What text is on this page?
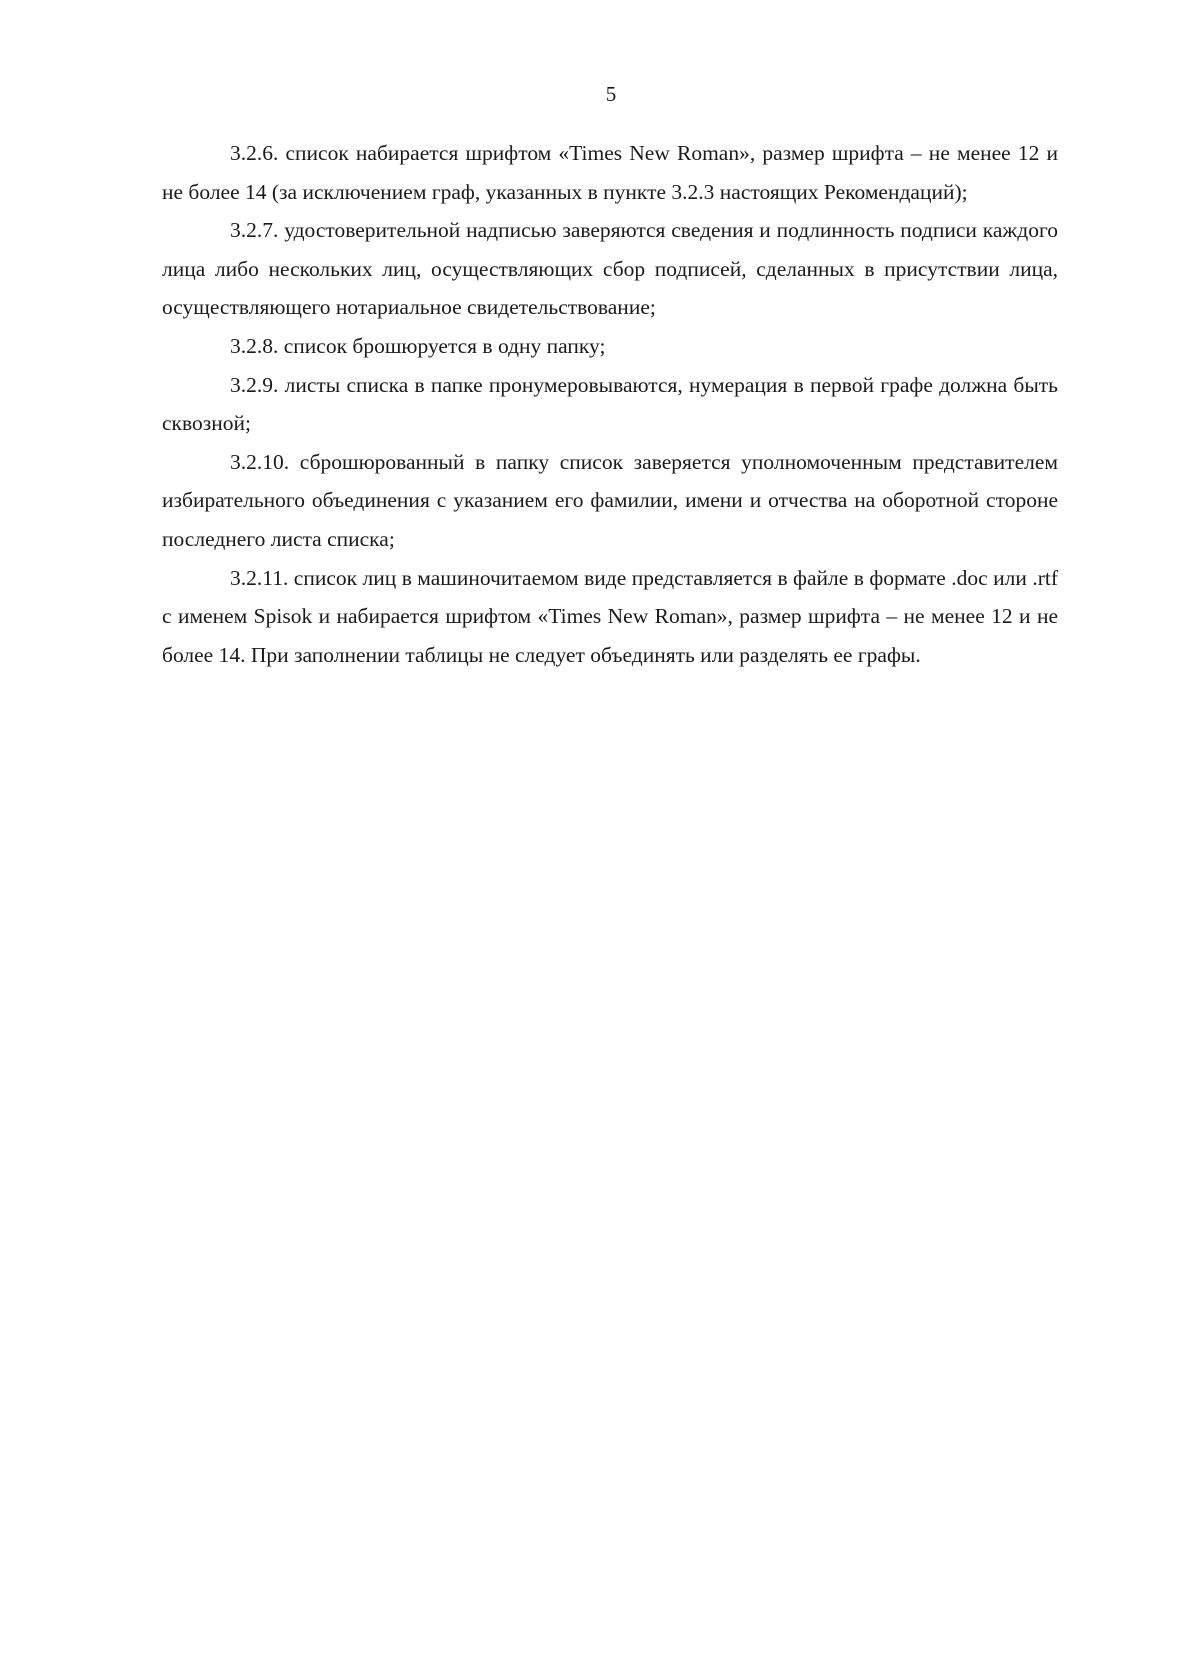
5

3.2.6. список набирается шрифтом «Times New Roman», размер шрифта – не менее 12 и не более 14 (за исключением граф, указанных в пункте 3.2.3 настоящих Рекомендаций);

3.2.7. удостоверительной надписью заверяются сведения и подлинность подписи каждого лица либо нескольких лиц, осуществляющих сбор подписей, сделанных в присутствии лица, осуществляющего нотариальное свидетельствование;

3.2.8. список брошюруется в одну папку;

3.2.9. листы списка в папке пронумеровываются, нумерация в первой графе должна быть сквозной;

3.2.10. сброшюрованный в папку список заверяется уполномоченным представителем избирательного объединения с указанием его фамилии, имени и отчества на оборотной стороне последнего листа списка;

3.2.11. список лиц в машиночитаемом виде представляется в файле в формате .doc или .rtf с именем Spisok и набирается шрифтом «Times New Roman», размер шрифта – не менее 12 и не более 14. При заполнении таблицы не следует объединять или разделять ее графы.
